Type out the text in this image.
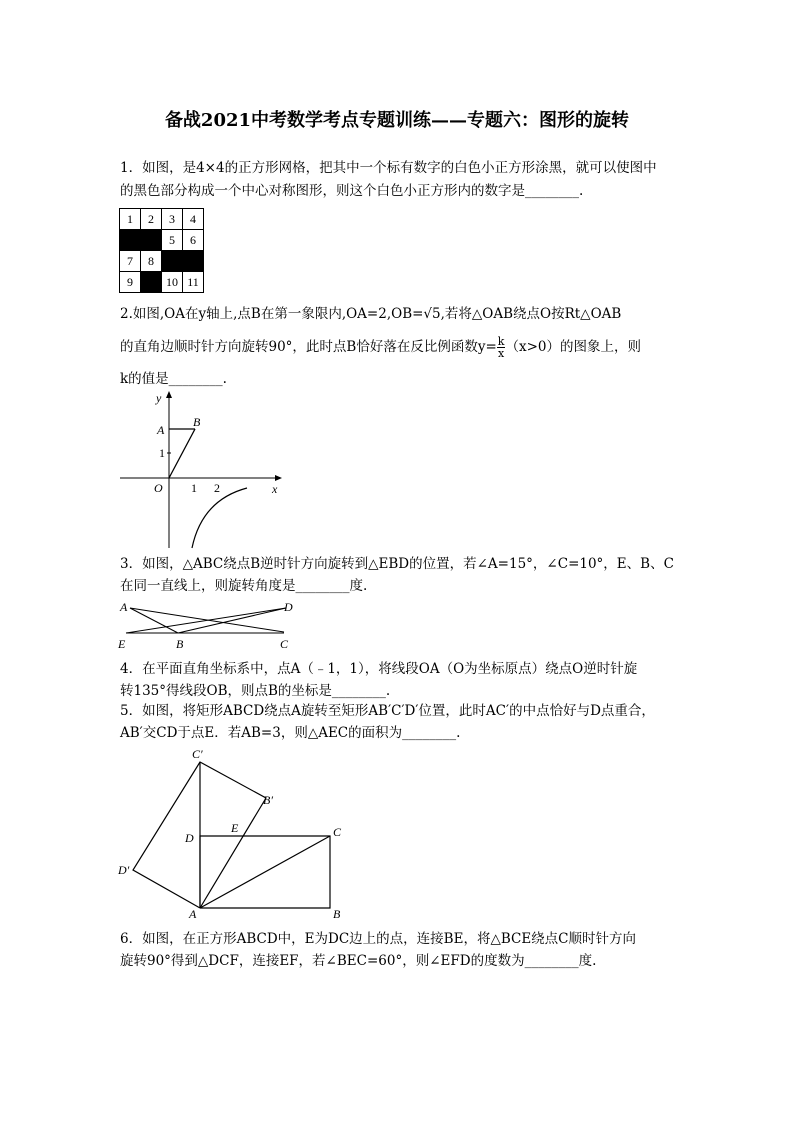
备战2021中考数学考点专题训练——专题六：图形的旋转
1．如图，是4×4的正方形网格，把其中一个标有数字的白色小正方形涂黑，就可以使图中
的黑色部分构成一个中心对称图形，则这个白色小正方形内的数字是________.
1	2	3	4
		5	6
7	8		
9		10	11
2.如图,OA在y轴上,点B在第一象限内,OA=2,OB=√5,若将△OAB绕点O按Rt△OAB
的直角边顺时针方向旋转90°，此时点B恰好落在反比例函数$y= \frac{k}{x} (x>0)$的图象上，则
k的值是________.
y
x
A
B
O
1
1 2
3．如图，△ABC绕点B逆时针方向旋转到△EBD的位置，若∠A=15°，∠C=10°，E、B、C
在同一直线上，则旋转角度是________度.
A	D
E	B	C
4．在平面直角坐标系中，点A（﹣1，1），将线段OA（O为坐标原点）绕点O逆时针旋
转135°得线段OB，则点B的坐标是________.
5．如图，将矩形ABCD绕点A旋转至矩形AB′C′D′位置，此时AC′的中点恰好与D点重合，
AB′交CD于点E．若AB=3，则△AEC的面积为________.
C′
B′
D
E	C
D′
A	B
6．如图，在正方形ABCD中，E为DC边上的点，连接BE，将△BCE绕点C顺时针方向
旋转90°得到△DCF，连接EF，若∠BEC=60°，则∠EFD的度数为________度.
